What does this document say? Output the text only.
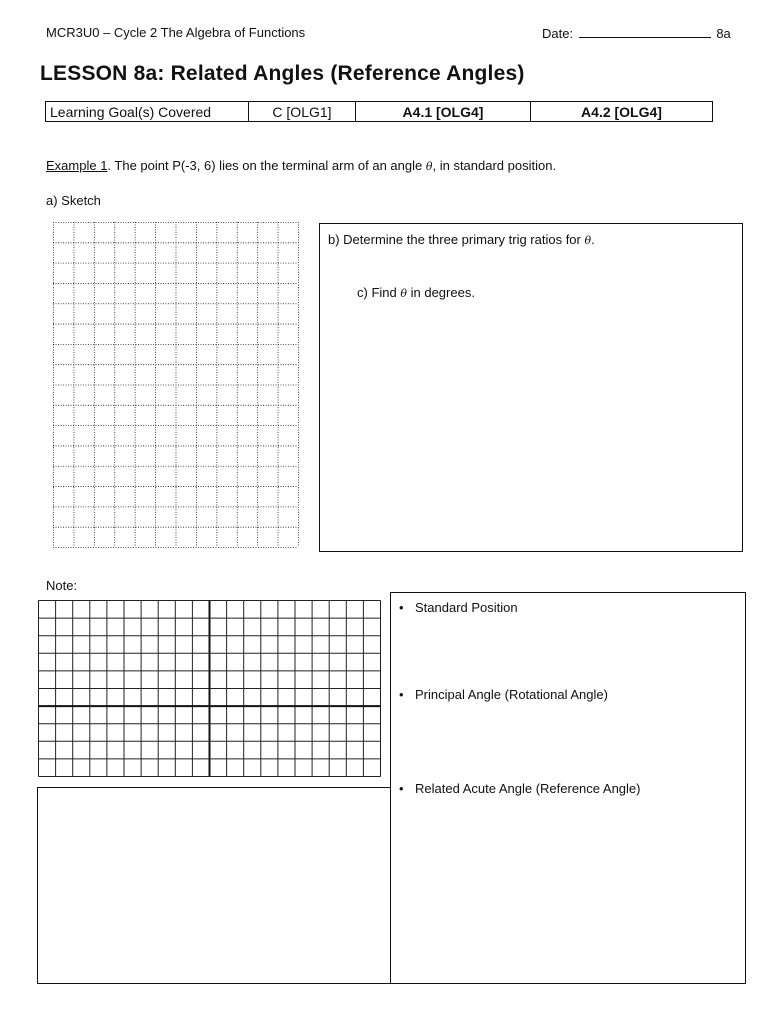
MCR3U0 – Cycle 2 The Algebra of Functions	Date:	8a
LESSON 8a: Related Angles (Reference Angles)
Learning Goal(s) Covered	C [OLG1]	A4.1 [OLG4]	A4.2 [OLG4]
Example 1. The point P(-3, 6) lies on the terminal arm of an angle θ, in standard position.
a) Sketch
b) Determine the three primary trig ratios for θ.
c) Find θ in degrees.
Note:
• Standard Position
• Principal Angle (Rotational Angle)
• Related Acute Angle (Reference Angle)
